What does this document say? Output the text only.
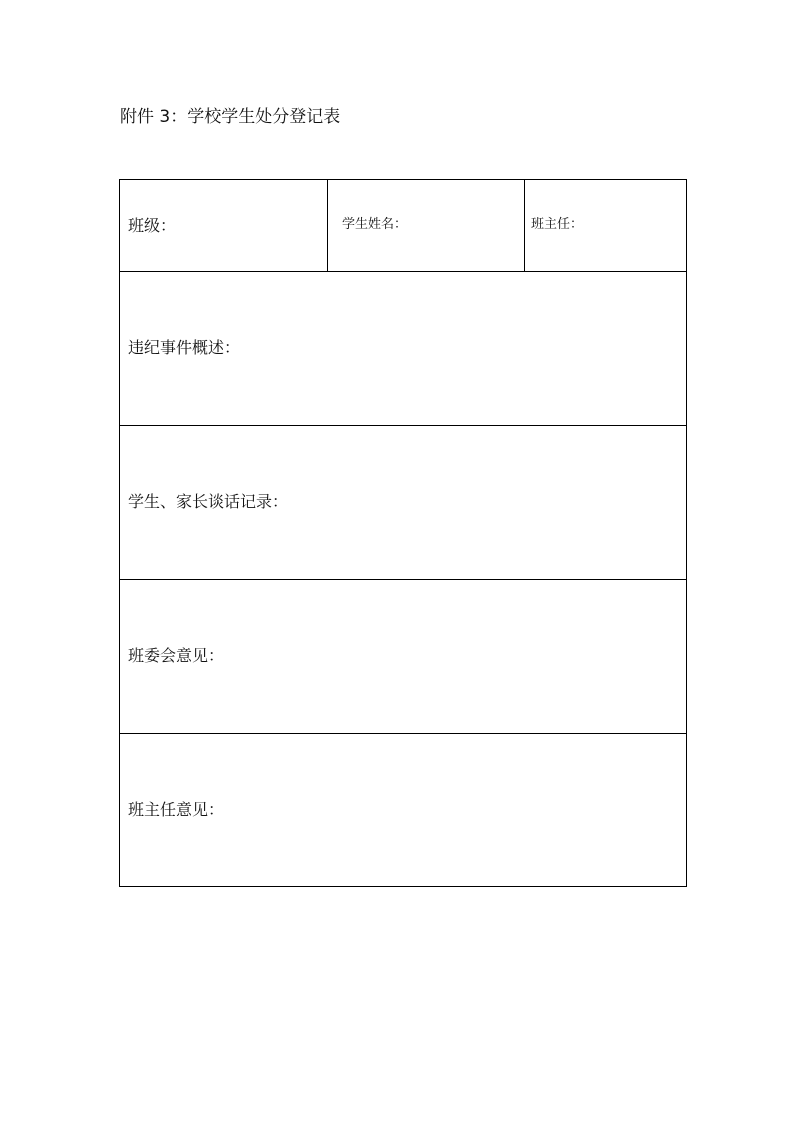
附件 3：学校学生处分登记表
班级：	学生姓名：	班主任：
违纪事件概述：
学生、家长谈话记录：
班委会意见：
班主任意见：
